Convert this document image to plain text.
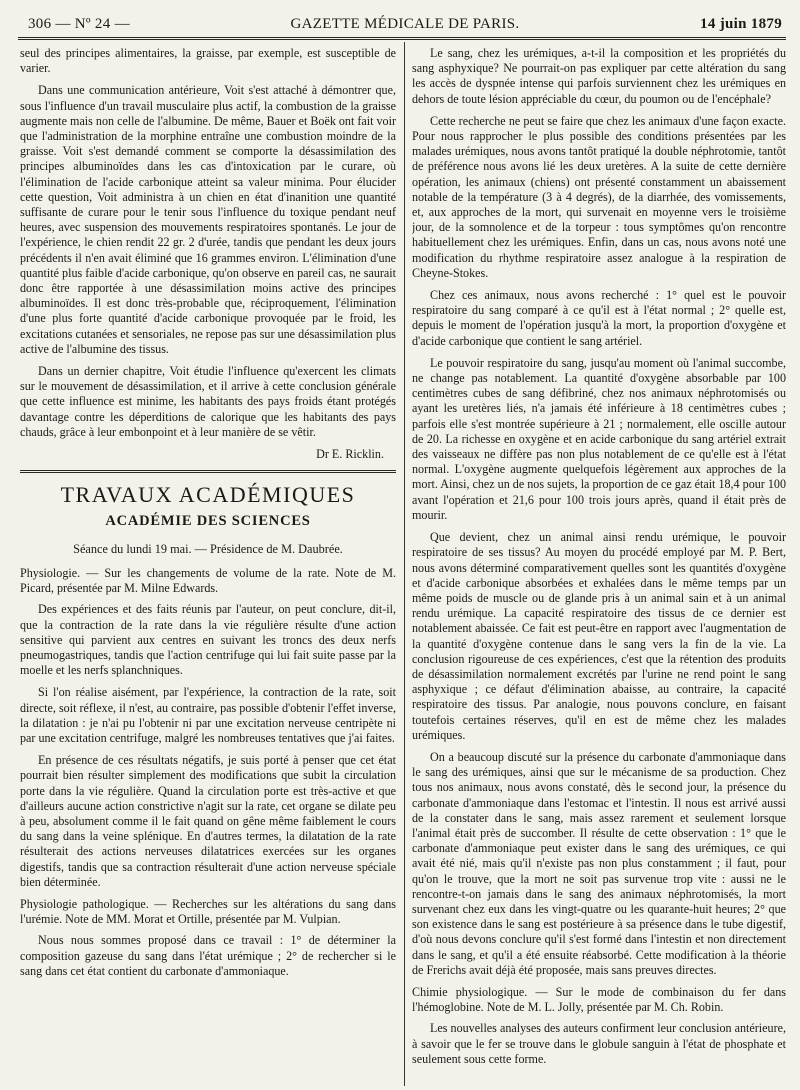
306 — Nº 24 —	GAZETTE MÉDICALE DE PARIS.	14 juin 1879

seul des principes alimentaires, la graisse, par exemple, est susceptible de varier.

Dans une communication antérieure, Voit s'est attaché à démontrer que, sous l'influence d'un travail musculaire plus actif, la combustion de la graisse augmente mais non celle de l'albumine. De même, Bauer et Boëk ont fait voir que l'administration de la morphine entraîne une combustion moindre de la graisse. Voit s'est demandé comment se comporte la désassimilation des principes albuminoïdes dans les cas d'intoxication par le curare, où l'élimination de l'acide carbonique atteint sa valeur minima. Pour élucider cette question, Voit administra à un chien en état d'inanition une quantité suffisante de curare pour le tenir sous l'influence du toxique pendant neuf heures, avec suspension des mouvements respiratoires spontanés. Le jour de l'expérience, le chien rendit 22 gr. 2 d'urée, tandis que pendant les deux jours précédents il n'en avait éliminé que 16 grammes environ. L'élimination d'une quantité plus faible d'acide carbonique, qu'on observe en pareil cas, ne saurait donc être rapportée à une désassimilation moins active des principes albuminoïdes. Il est donc très-probable que, réciproquement, l'élimination d'une plus forte quantité d'acide carbonique provoquée par le froid, les excitations cutanées et sensoriales, ne repose pas sur une désassimilation plus active de l'albumine des tissus.

Dans un dernier chapitre, Voit étudie l'influence qu'exercent les climats sur le mouvement de désassimilation, et il arrive à cette conclusion générale que cette influence est minime, les habitants des pays froids étant protégés davantage contre les déperditions de calorique que les habitants des pays chauds, grâce à leur embonpoint et à leur manière de se vêtir.

Dr E. Ricklin.
TRAVAUX ACADÉMIQUES
ACADÉMIE DES SCIENCES
Séance du lundi 19 mai. — Présidence de M. Daubrée.

Physiologie. — Sur les changements de volume de la rate. Note de M. Picard, présentée par M. Milne Edwards.

Des expériences et des faits réunis par l'auteur, on peut conclure, dit-il, que la contraction de la rate dans la vie régulière résulte d'une action sensitive qui parvient aux centres en suivant les troncs des deux nerfs pneumogastriques, tandis que l'action centrifuge qui lui fait suite passe par la moelle et les nerfs splanchniques.

Si l'on réalise aisément, par l'expérience, la contraction de la rate, soit directe, soit réflexe, il n'est, au contraire, pas possible d'obtenir l'effet inverse, la dilatation : je n'ai pu l'obtenir ni par une excitation nerveuse centripète ni par une excitation centrifuge, malgré les nombreuses tentatives que j'ai faites.

En présence de ces résultats négatifs, je suis porté à penser que cet état pourrait bien résulter simplement des modifications que subit la circulation porte dans la vie régulière. Quand la circulation porte est très-active et que d'ailleurs aucune action constrictive n'agit sur la rate, cet organe se dilate peu à peu, absolument comme il le fait quand on gêne même faiblement le cours du sang dans la veine splénique. En d'autres termes, la dilatation de la rate résulterait des actions nerveuses dilatatrices exercées sur les organes digestifs, tandis que sa contraction résulterait d'une action nerveuse spéciale bien déterminée.

Physiologie pathologique. — Recherches sur les altérations du sang dans l'urémie. Note de MM. Morat et Ortille, présentée par M. Vulpian.

Nous nous sommes proposé dans ce travail : 1° de déterminer la composition gazeuse du sang dans l'état urémique ; 2° de rechercher si le sang dans cet état contient du carbonate d'ammoniaque.

Le sang, chez les urémiques, a-t-il la composition et les propriétés du sang asphyxique? Ne pourrait-on pas expliquer par cette altération du sang les accès de dyspnée intense qui parfois surviennent chez les urémiques en dehors de toute lésion appréciable du cœur, du poumon ou de l'encéphale?

Cette recherche ne peut se faire que chez les animaux d'une façon exacte. Pour nous rapprocher le plus possible des conditions présentées par les malades urémiques, nous avons tantôt pratiqué la double néphrotomie, tantôt de préférence nous avons lié les deux uretères. A la suite de cette dernière opération, les animaux (chiens) ont présenté constamment un abaissement notable de la température (3 à 4 degrés), de la diarrhée, des vomissements, et, aux approches de la mort, qui survenait en moyenne vers le troisième jour, de la somnolence et de la torpeur : tous symptômes qu'on rencontre habituellement chez les urémiques. Enfin, dans un cas, nous avons noté une modification du rhythme respiratoire assez analogue à la respiration de Cheyne-Stokes.

Chez ces animaux, nous avons recherché : 1° quel est le pouvoir respiratoire du sang comparé à ce qu'il est à l'état normal ; 2° quelle est, depuis le moment de l'opération jusqu'à la mort, la proportion d'oxygène et d'acide carbonique que contient le sang artériel.

Le pouvoir respiratoire du sang, jusqu'au moment où l'animal succombe, ne change pas notablement. La quantité d'oxygène absorbable par 100 centimètres cubes de sang défibriné, chez nos animaux néphrotomisés ou ayant les uretères liés, n'a jamais été inférieure à 18 centimètres cubes ; parfois elle s'est montrée supérieure à 21 ; normalement, elle oscille autour de 20. La richesse en oxygène et en acide carbonique du sang artériel extrait des vaisseaux ne diffère pas non plus notablement de ce qu'elle est à l'état normal. L'oxygène augmente quelquefois légèrement aux approches de la mort. Ainsi, chez un de nos sujets, la proportion de ce gaz était 18,4 pour 100 avant l'opération et 21,6 pour 100 trois jours après, quand il était près de mourir.

Que devient, chez un animal ainsi rendu urémique, le pouvoir respiratoire de ses tissus? Au moyen du procédé employé par M. P. Bert, nous avons déterminé comparativement quelles sont les quantités d'oxygène et d'acide carbonique absorbées et exhalées dans le même temps par un même poids de muscle ou de glande pris à un animal sain et à un animal rendu urémique. La capacité respiratoire des tissus de ce dernier est notablement abaissée. Ce fait est peut-être en rapport avec l'augmentation de la quantité d'oxygène contenue dans le sang vers la fin de la vie. La conclusion rigoureuse de ces expériences, c'est que la rétention des produits de désassimilation normalement excrétés par l'urine ne rend point le sang asphyxique ; ce défaut d'élimination abaisse, au contraire, la capacité respiratoire des tissus. Par analogie, nous pouvons conclure, en faisant toutefois certaines réserves, qu'il en est de même chez les malades urémiques.

On a beaucoup discuté sur la présence du carbonate d'ammoniaque dans le sang des urémiques, ainsi que sur le mécanisme de sa production. Chez tous nos animaux, nous avons constaté, dès le second jour, la présence du carbonate d'ammoniaque dans l'estomac et l'intestin. Il nous est arrivé aussi de la constater dans le sang, mais assez rarement et seulement lorsque l'animal était près de succomber. Il résulte de cette observation : 1° que le carbonate d'ammoniaque peut exister dans le sang des urémiques, ce qui avait été nié, mais qu'il n'existe pas non plus constamment ; il faut, pour qu'on le trouve, que la mort ne soit pas survenue trop vite : aussi ne le rencontre-t-on jamais dans le sang des animaux néphrotomisés, la mort survenant chez eux dans les vingt-quatre ou les quarante-huit heures; 2° que son existence dans le sang est postérieure à sa présence dans le tube digestif, d'où nous devons conclure qu'il s'est formé dans l'intestin et non directement dans le sang, et qu'il a été ensuite réabsorbé. Cette modification à la théorie de Frerichs avait déjà été proposée, mais sans preuves directes.

Chimie physiologique. — Sur le mode de combinaison du fer dans l'hémoglobine. Note de M. L. Jolly, présentée par M. Ch. Robin.

Les nouvelles analyses des auteurs confirment leur conclusion antérieure, à savoir que le fer se trouve dans le globule sanguin à l'état de phosphate et seulement sous cette forme.
